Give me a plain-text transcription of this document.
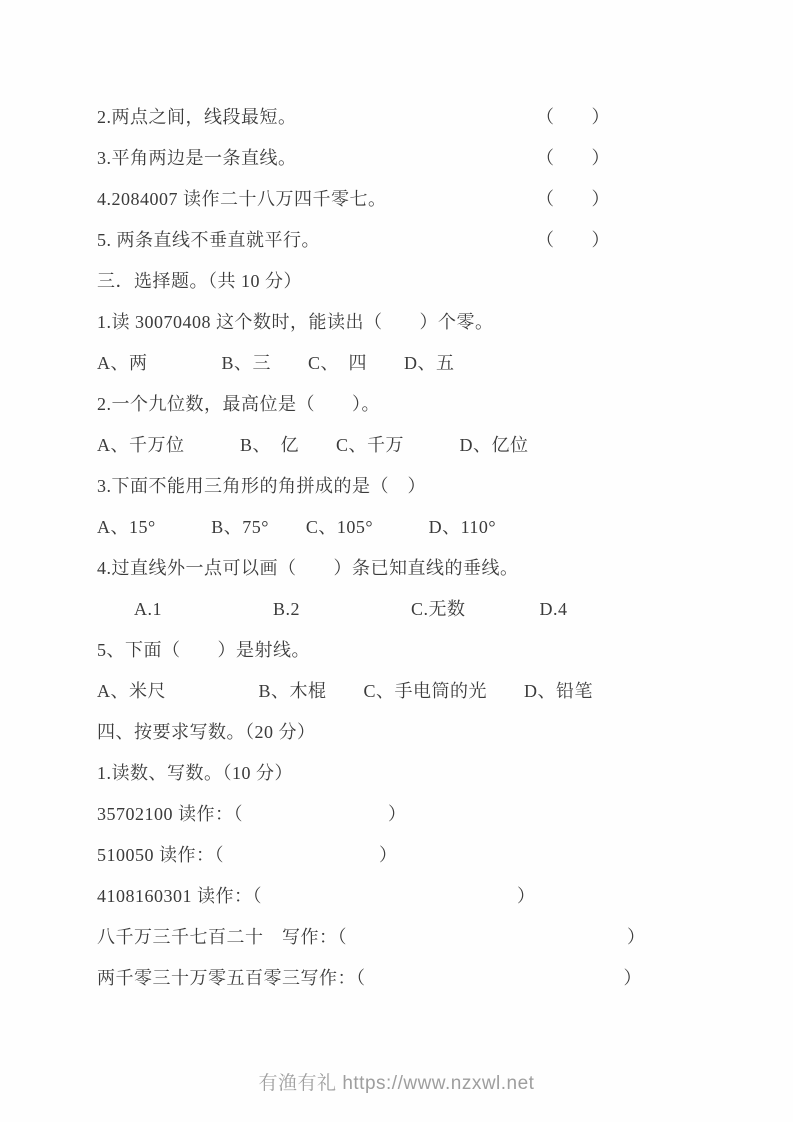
2.两点之间，线段最短。	（　　）
3.平角两边是一条直线。	（　　）
4.2084007 读作二十八万四千零七。	（　　）
5. 两条直线不垂直就平行。	（　　）
三．选择题。（共 10 分）
1.读 30070408 这个数时，能读出（　　）个零。
A、两　　　　B、三　　C、　四　　D、五
2.一个九位数，最高位是（　　）。
A、千万位　　　B、　亿　　C、千万　　　D、亿位
3.下面不能用三角形的角拼成的是（　）
A、15°　　　B、75°　　C、105°　　　D、110°
4.过直线外一点可以画（　　）条已知直线的垂线。
　　A.1　　　　　　B.2　　　　　　C.无数　　　　D.4
5、下面（　　）是射线。
A、米尺　　　　　B、木棍　　C、手电筒的光　　D、铅笔
四、按要求写数。（20 分）
1.读数、写数。（10 分）
35702100 读作：（	）
510050 读作：（	）
4108160301 读作：（	）
八千万三千七百二十　写作：（	）
两千零三十万零五百零三写作：（	）
有渔有礼 https://www.nzxwl.net
